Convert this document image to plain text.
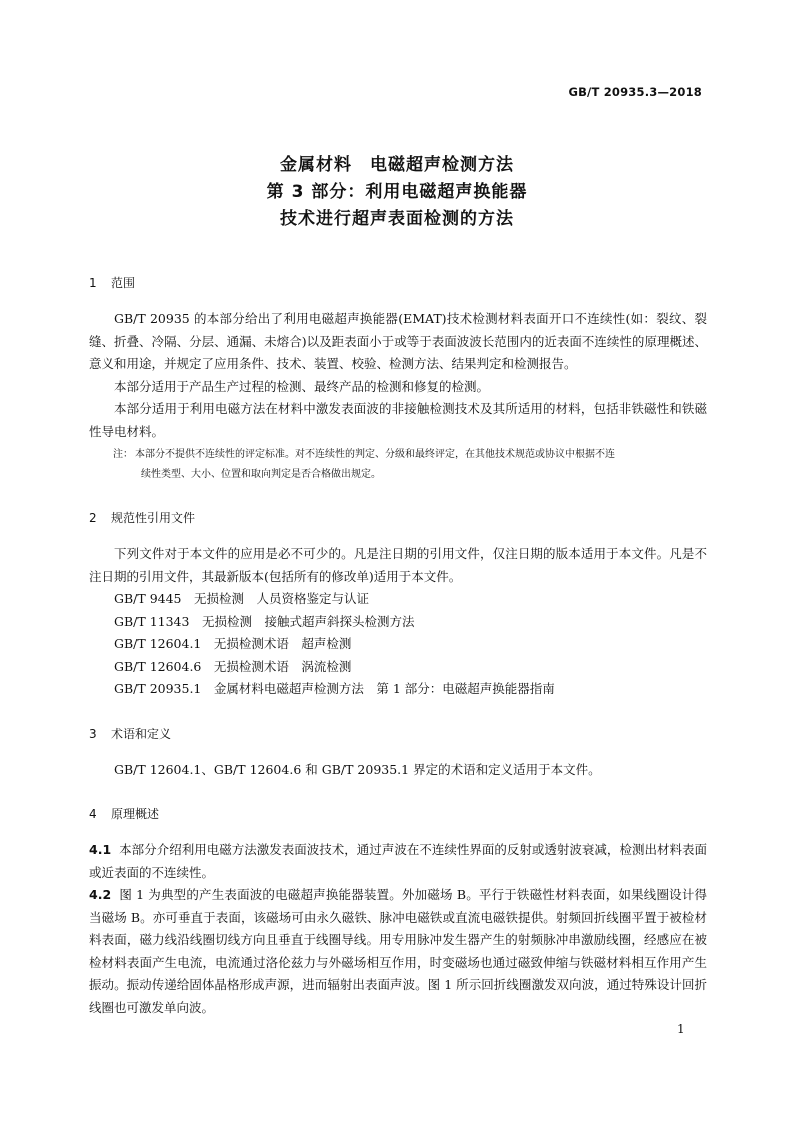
GB/T 20935.3—2018
金属材料　电磁超声检测方法
第 3 部分：利用电磁超声换能器
技术进行超声表面检测的方法
1 范围

GB/T 20935 的本部分给出了利用电磁超声换能器(EMAT)技术检测材料表面开口不连续性(如：裂纹、裂缝、折叠、冷隔、分层、通漏、未熔合)以及距表面小于或等于表面波波长范围内的近表面不连续性的原理概述、意义和用途，并规定了应用条件、技术、装置、校验、检测方法、结果判定和检测报告。

本部分适用于产品生产过程的检测、最终产品的检测和修复的检测。

本部分适用于利用电磁方法在材料中激发表面波的非接触检测技术及其所适用的材料，包括非铁磁性和铁磁性导电材料。

注： 本部分不提供不连续性的评定标准。对不连续性的判定、分级和最终评定，在其他技术规范或协议中根据不连
续性类型、大小、位置和取向判定是否合格做出规定。
2 规范性引用文件

下列文件对于本文件的应用是必不可少的。凡是注日期的引用文件，仅注日期的版本适用于本文件。凡是不注日期的引用文件，其最新版本(包括所有的修改单)适用于本文件。

GB/T 9445　无损检测　人员资格鉴定与认证

GB/T 11343　无损检测　接触式超声斜探头检测方法

GB/T 12604.1　无损检测术语　超声检测

GB/T 12604.6　无损检测术语　涡流检测

GB/T 20935.1　金属材料电磁超声检测方法　第 1 部分：电磁超声换能器指南

3 术语和定义

GB/T 12604.1、GB/T 12604.6 和 GB/T 20935.1 界定的术语和定义适用于本文件。

4 原理概述

4.1 本部分介绍利用电磁方法激发表面波技术，通过声波在不连续性界面的反射或透射波衰减，检测出材料表面或近表面的不连续性。

4.2 图 1 为典型的产生表面波的电磁超声换能器装置。外加磁场 B。平行于铁磁性材料表面，如果线圈设计得当磁场 B。亦可垂直于表面，该磁场可由永久磁铁、脉冲电磁铁或直流电磁铁提供。射频回折线圈平置于被检材料表面，磁力线沿线圈切线方向且垂直于线圈导线。用专用脉冲发生器产生的射频脉冲串激励线圈，经感应在被检材料表面产生电流，电流通过洛伦兹力与外磁场相互作用，时变磁场也通过磁致伸缩与铁磁材料相互作用产生振动。振动传递给固体晶格形成声源，进而辐射出表面声波。图 1 所示回折线圈激发双向波，通过特殊设计回折线圈也可激发单向波。

1
